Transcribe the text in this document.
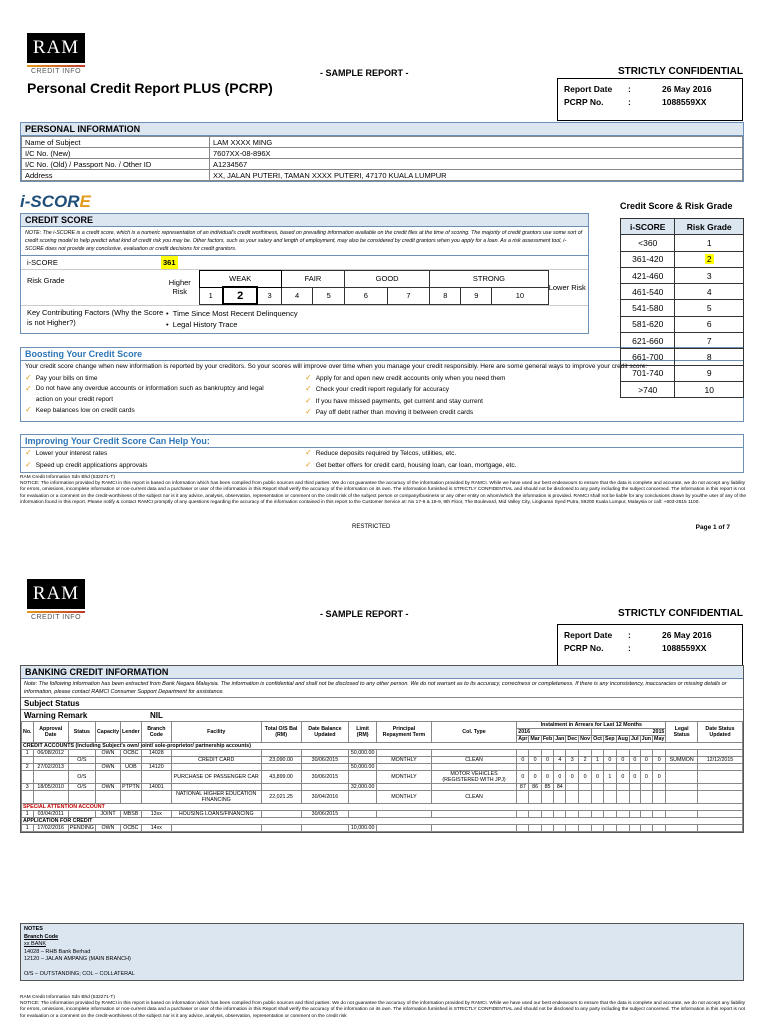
RAM
CREDIT INFO	- SAMPLE REPORT -	STRICTLY CONFIDENTIAL
Personal Credit Report PLUS (PCRP)	Report Date	:	26 May 2016
PCRP No.	:	1088559XX
PERSONAL INFORMATION
Name of Subject	LAM XXXX MING
I/C No. (New)	7607XX-08-896X
I/C No. (Old) / Passport No. / Other ID	A1234567
Address	XX, JALAN PUTERI, TAMAN XXXX PUTERI, 47170 KUALA LUMPUR
i-SCORE
CREDIT SCORE
NOTE: The i-SCORE is a credit score, which is a numeric representation of an individual's credit worthiness, based on prevailing information available on the credit files at the time of scoring. The majority of credit grantors use some sort of credit scoring model to help predict what kind of credit risk you may be. Other factors, such as your salary and length of employment, may also be considered by credit grantors when you apply for a loan. As a risk assessment tool, i-SCORE does not provide any conclusive, evaluation or credit decisions for credit grantors.
i-SCORE	361
Risk Grade	Higher Risk	WEAK			FAIR		GOOD		STRONG			Lower Risk
	1	2	3	4	5	6	7	8	9	10	
Key Contributing Factors (Why the Score is not Higher?)
•  Time Since Most Recent Delinquency
•  Legal History Trace
Boosting Your Credit Score
Your credit score change when new information is reported by your creditors. So your scores will improve over time when you manage your credit responsibly. Here are some general ways to improve your credit score:
✓ Pay your bills on time
✓ Do not have any overdue accounts or information such as bankruptcy and legal action on your credit report
✓ Keep balances low on credit cards
✓ Apply for and open new credit accounts only when you need them
✓ Check your credit report regularly for accuracy
✓ If you have missed payments, get current and stay current
✓ Pay off debt rather than moving it between credit cards
Improving Your Credit Score Can Help You:
✓ Lower your interest rates
✓ Speed up credit applications approvals
✓ Reduce deposits required by Telcos, utilities, etc.
✓ Get better offers for credit card, housing loan, car loan, mortgage, etc.
Credit Score & Risk Grade
i-SCORE	Risk Grade
<360	1
361-420	2
421-460	3
461-540	4
541-580	5
581-620	6
621-660	7
661-700	8
701-740	9
>740	10
RAM Credit Information Sdn Bhd (532271-T)
NOTICE: The information provided by RAMCI in this report is based on information which has been compiled from public sources and third parties. We do not guarantee the accuracy of the information provided by RAMCI. While we have used our best endeavours to ensure that the data is complete and accurate, we do not accept any liability for errors, omissions, incomplete information or non-current data and a purchaser or user of the information in this Report shall verify the accuracy of the information on its own. The information furnished is STRICTLY CONFIDENTIAL and should not be disclosed to any party including the subject concerned. The information in this report is not for evaluation or a comment on the credit-worthiness of the subject nor is it any advice, analysis, observation, representation or comment on the credit risk of the subject person or company/business or any other entity on whom/which the information is provided. RAMCI shall not be liable for any conclusions drawn by you/the user of any of the information found in this report. Please notify & contact RAMCI promptly of any questions regarding the accuracy of the information contained in this report to the Customer Service at: No 17-9 & 19-9, 9th Floor, The Boulevard, Mid Valley City, Lingkaran Syed Putra, 59200 Kuala Lumpur, Malaysia or call: +603-2615 1100.
RESTRICTED	Page 1 of 7
RAM
CREDIT INFO	- SAMPLE REPORT -	STRICTLY CONFIDENTIAL
Report Date	:	26 May 2016
PCRP No.	:	1088559XX
BANKING CREDIT INFORMATION
Note: The following information has been extracted from Bank Negara Malaysia. The information is confidential and shall not be disclosed to any other person. We do not warrant as to its accuracy, correctness or completeness. If there is any inconsistency, inaccuracies or missing details or information, please contact RAMCI Consumer Support Department for assistance.
Subject Status
Warning Remark	NIL
No.	Approval Date	Status	Capacity	Lender	Branch Code	Facility	Total O/S Bal (RM)	Date Balance Updated	Limit (RM)	Principal Repayment Term	Col. Type	Instalment in Arrears for Last 12 Months												Legal Status	Date Status Updated
												2016						2015							
												Apr	Mar	Feb	Jan	Dec	Nov	Oct	Sep	Aug	Jul	Jun	May		
CREDIT ACCOUNTS (Including Subject's own/ joint/ sole-proprietor/ partnership accounts)																									
1	06/08/2012		OWN	OCBC	14028				50,000.00																
		O/S				CREDIT CARD	23,090.00	30/06/2015		MONTHLY	CLEAN	0	0	0	4	3	2	1	0	0	0	0	0	SUMMON	12/12/2015
2	27/02/2013		OWN	UOB	14120				50,000.00																
		O/S				PURCHASE OF PASSENGER CAR	43,899.00	30/06/2015		MONTHLY	MOTOR VEHICLES (REGISTERED WITH JPJ)	0	0	0	0	0	0	0	1	0	0	0	0		
3	18/05/2010	O/S	OWN	PTPTN	14001				32,000.00			87	86	85	84										
						NATIONAL HIGHER EDUCATION FINANCING	22,021.25	30/04/2016		MONTHLY	CLEAN														
SPECIAL ATTENTION ACCOUNT																									
1	03/04/2011		JOINT	MBSB	13xx	HOUSING LOANS/FINANCING		30/06/2015																	
APPLICATION FOR CREDIT																									
1	17/02/2016	PENDING	OWN	OCBC	14xx				10,000.00																
NOTES
Branch Code
xx BANK
14028 – RHB Bank Berhad
12120 – JALAN AMPANG (MAIN BRANCH)
O/S – OUTSTANDING; COL – COLLATERAL
RAM Credit Information Sdn Bhd (532271-T)
NOTICE: The information provided by RAMCI in this report is based on information which has been compiled from public sources and third parties. We do not guarantee the accuracy of the information provided by RAMCI. While we have used our best endeavours to ensure that the data is complete and accurate, we do not accept any liability for errors, omissions, incomplete information or non-current data and a purchaser or user of the information in this Report shall verify the accuracy of the information on its own. The information furnished is STRICTLY CONFIDENTIAL and should not be disclosed to any party including the subject concerned. The information in this report is not for evaluation or a comment on the credit-worthiness of the subject nor is it any advice, analysis, observation, representation or comment on the credit risk
